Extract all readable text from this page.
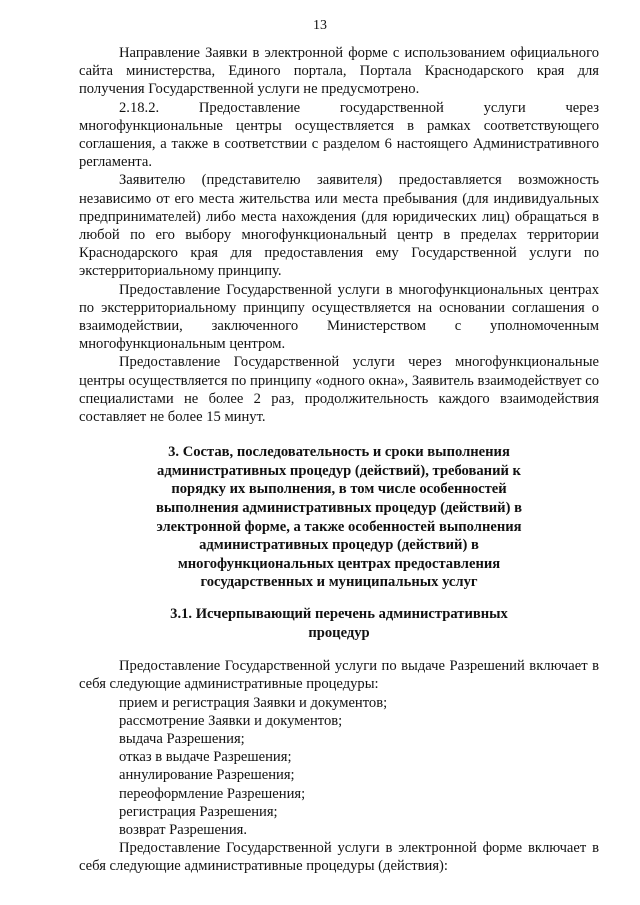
13

Направление Заявки в электронной форме с использованием официального сайта министерства, Единого портала, Портала Краснодарского края для получения Государственной услуги не предусмотрено.

2.18.2. Предоставление государственной услуги через многофункциональные центры осуществляется в рамках соответствующего соглашения, а также в соответствии с разделом 6 настоящего Административного регламента.

Заявителю (представителю заявителя) предоставляется возможность независимо от его места жительства или места пребывания (для индивидуальных предпринимателей) либо места нахождения (для юридических лиц) обращаться в любой по его выбору многофункциональный центр в пределах территории Краснодарского края для предоставления ему Государственной услуги по экстерриториальному принципу.

Предоставление Государственной услуги в многофункциональных центрах по экстерриториальному принципу осуществляется на основании соглашения о взаимодействии, заключенного Министерством с уполномоченным многофункциональным центром.

Предоставление Государственной услуги через многофункциональные центры осуществляется по принципу «одного окна», Заявитель взаимодействует со специалистами не более 2 раз, продолжительность каждого взаимодействия составляет не более 15 минут.

3. Состав, последовательность и сроки выполнения административных процедур (действий), требований к порядку их выполнения, в том числе особенностей выполнения административных процедур (действий) в электронной форме, а также особенностей выполнения административных процедур (действий) в многофункциональных центрах предоставления государственных и муниципальных услуг
3.1. Исчерпывающий перечень административных процедур

Предоставление Государственной услуги по выдаче Разрешений включает в себя следующие административные процедуры:

прием и регистрация Заявки и документов;
рассмотрение Заявки и документов;
выдача Разрешения;
отказ в выдаче Разрешения;
аннулирование Разрешения;
переоформление Разрешения;
регистрация Разрешения;
возврат Разрешения.

Предоставление Государственной услуги в электронной форме включает в себя следующие административные процедуры (действия):
